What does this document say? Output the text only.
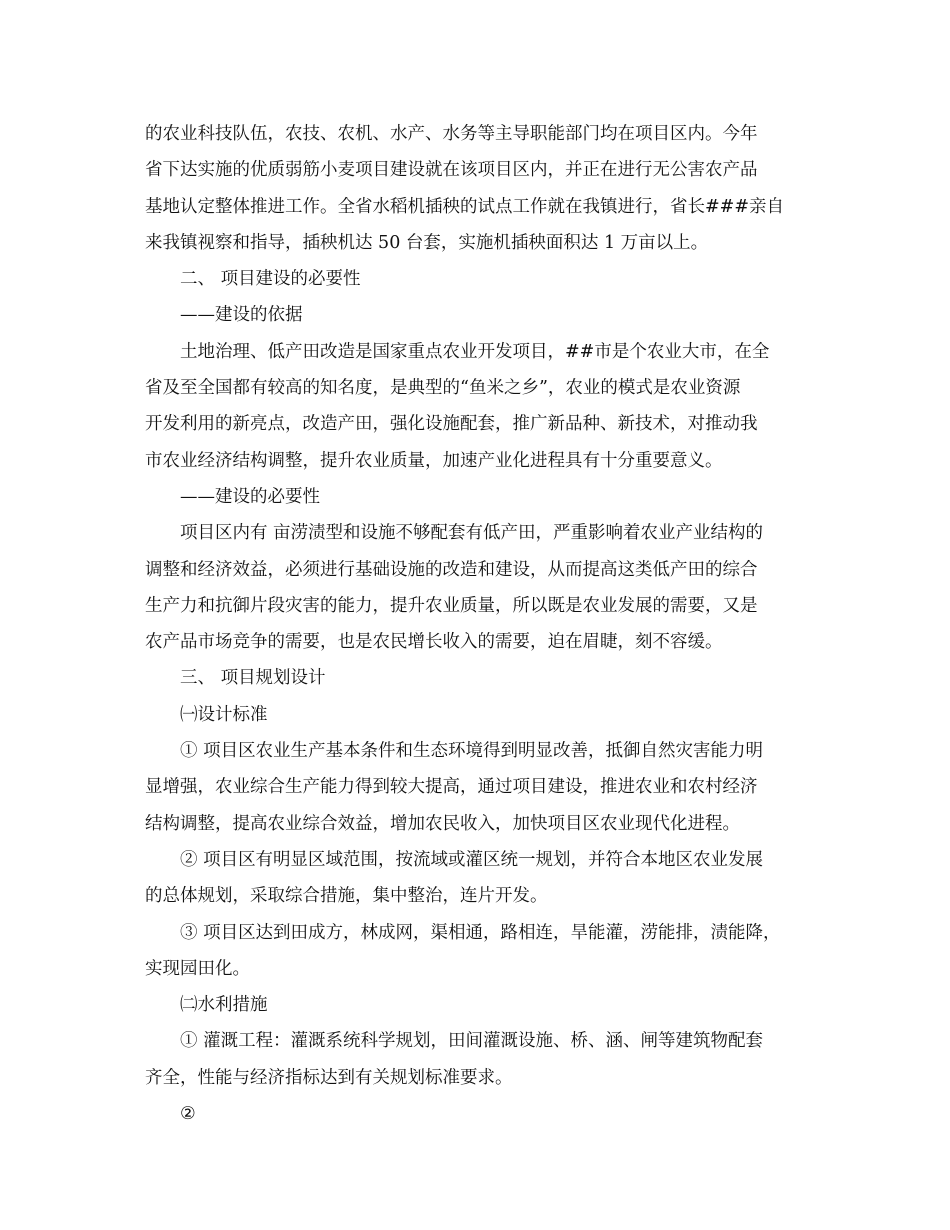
的农业科技队伍，农技、农机、水产、水务等主导职能部门均在项目区内。今年

省下达实施的优质弱筋小麦项目建设就在该项目区内，并正在进行无公害农产品

基地认定整体推进工作。全省水稻机插秧的试点工作就在我镇进行，省长###亲自

来我镇视察和指导，插秧机达 50 台套，实施机插秧面积达 1 万亩以上。

二、 项目建设的必要性

——建设的依据

土地治理、低产田改造是国家重点农业开发项目，##市是个农业大市，在全

省及至全国都有较高的知名度，是典型的“鱼米之乡”，农业的模式是农业资源

开发利用的新亮点，改造产田，强化设施配套，推广新品种、新技术，对推动我

市农业经济结构调整，提升农业质量，加速产业化进程具有十分重要意义。

——建设的必要性

项目区内有 亩涝渍型和设施不够配套有低产田，严重影响着农业产业结构的

调整和经济效益，必须进行基础设施的改造和建设，从而提高这类低产田的综合

生产力和抗御片段灾害的能力，提升农业质量，所以既是农业发展的需要，又是

农产品市场竞争的需要，也是农民增长收入的需要，迫在眉睫，刻不容缓。

三、 项目规划设计

㈠设计标准

① 项目区农业生产基本条件和生态环境得到明显改善，抵御自然灾害能力明

显增强，农业综合生产能力得到较大提高，通过项目建设，推进农业和农村经济

结构调整，提高农业综合效益，增加农民收入，加快项目区农业现代化进程。

② 项目区有明显区域范围，按流域或灌区统一规划，并符合本地区农业发展

的总体规划，采取综合措施，集中整治，连片开发。

③ 项目区达到田成方，林成网，渠相通，路相连，旱能灌，涝能排，渍能降，

实现园田化。

㈡水利措施

① 灌溉工程：灌溉系统科学规划，田间灌溉设施、桥、涵、闸等建筑物配套

齐全，性能与经济指标达到有关规划标准要求。

②
